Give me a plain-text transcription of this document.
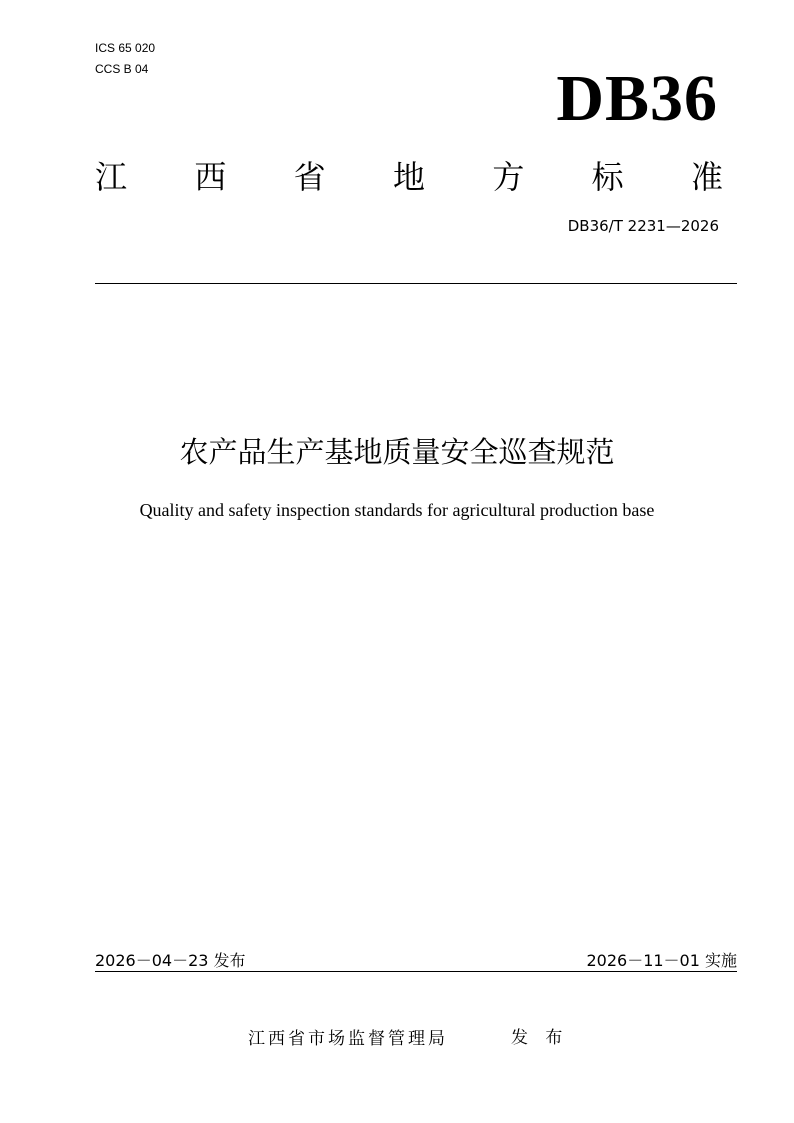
ICS 65 020
CCS B 04	DB36
江 西 省 地 方 标 准
DB36/T 2231—2026
农产品生产基地质量安全巡查规范
Quality and safety inspection standards for agricultural production base
2026－04－23 发布	2026－11－01 实施
江西省市场监督管理局	发 布
